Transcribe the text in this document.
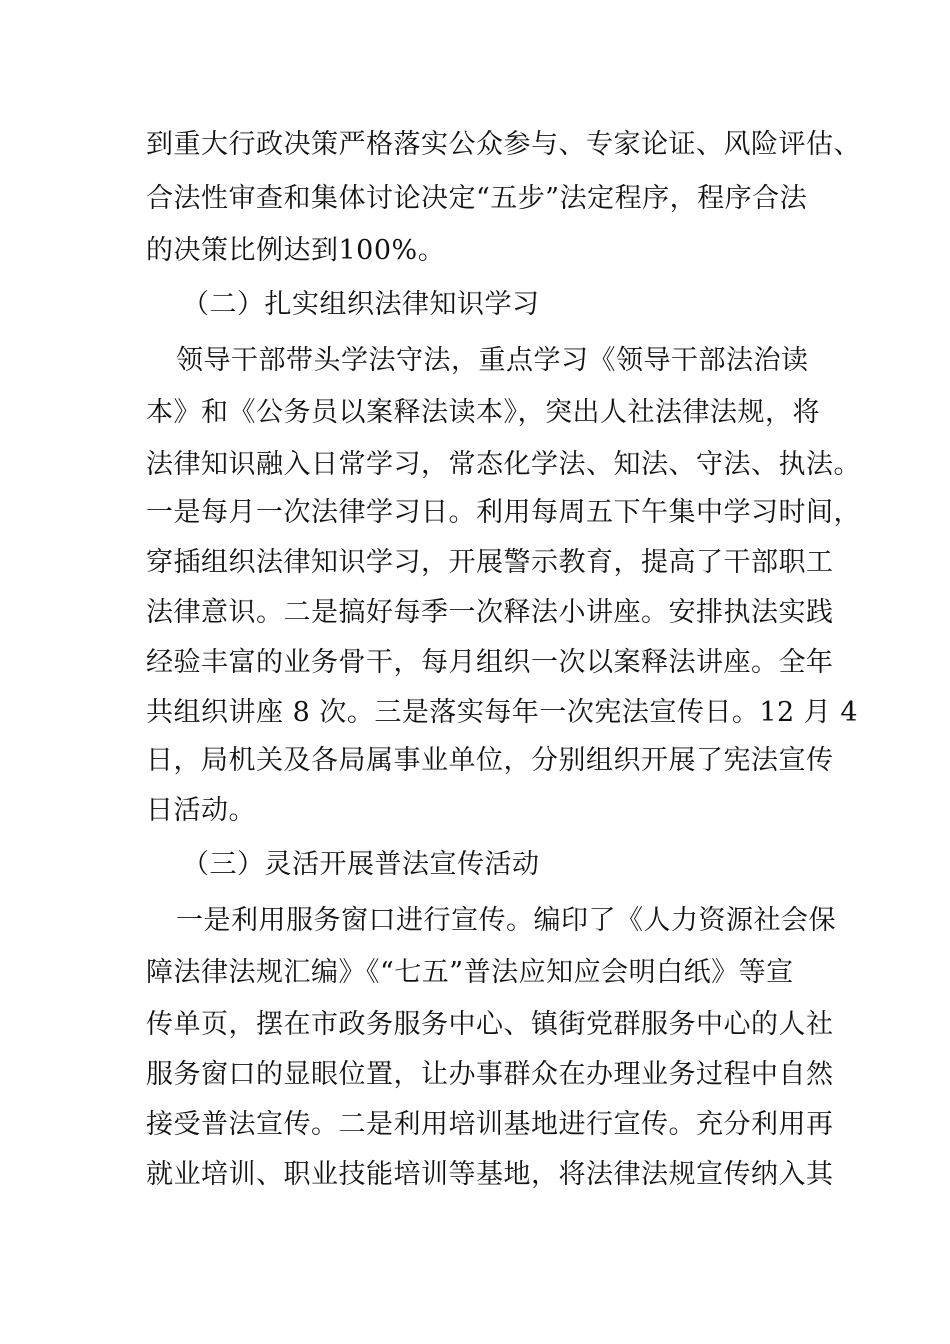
到重大行政决策严格落实公众参与、专家论证、风险评估、
合法性审查和集体讨论决定“五步”法定程序，程序合法
的决策比例达到100%。
（二）扎实组织法律知识学习
领导干部带头学法守法，重点学习《领导干部法治读
本》和《公务员以案释法读本》，突出人社法律法规，将
法律知识融入日常学习，常态化学法、知法、守法、执法。
一是每月一次法律学习日。利用每周五下午集中学习时间，
穿插组织法律知识学习，开展警示教育，提高了干部职工
法律意识。二是搞好每季一次释法小讲座。安排执法实践
经验丰富的业务骨干，每月组织一次以案释法讲座。全年
共组织讲座 8 次。三是落实每年一次宪法宣传日。12 月 4
日，局机关及各局属事业单位，分别组织开展了宪法宣传
日活动。
（三）灵活开展普法宣传活动
一是利用服务窗口进行宣传。编印了《人力资源社会保
障法律法规汇编》《“七五”普法应知应会明白纸》等宣
传单页，摆在市政务服务中心、镇街党群服务中心的人社
服务窗口的显眼位置，让办事群众在办理业务过程中自然
接受普法宣传。二是利用培训基地进行宣传。充分利用再
就业培训、职业技能培训等基地，将法律法规宣传纳入其
